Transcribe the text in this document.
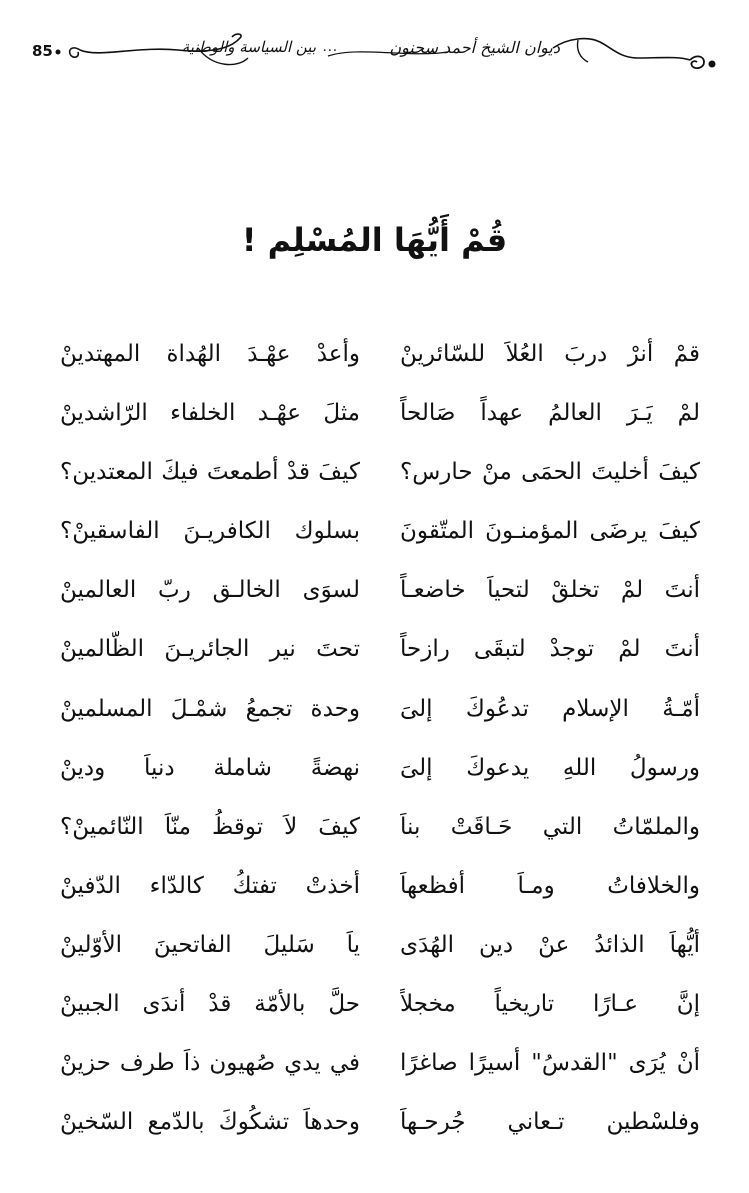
85	ديوان الشيخ أحمد سحنون
...
بين السياسة والوطنية
قُمْ أَيُّهَا المُسْلِم !
قمْ أنرْ دربَ العُلاَ للسّائرينْ
وأعدْ عهْـدَ الهُداة المهتدينْ
لمْ يَـرَ العالمُ عهداً صَالحاً
مثلَ عهْـد الخلفاء الرّاشدينْ
كيفَ أخليتَ الحمَى منْ حارس؟
كيفَ قدْ أطمعتَ فيكَ المعتدين؟
كيفَ يرضَى المؤمنـونَ المتّقونَ
بسلوك الكافريـنَ الفاسقينْ؟
أنتَ لمْ تخلقْ لتحياَ خاضعـاً
لسوَى الخالـق ربّ العالمينْ
أنتَ لمْ توجدْ لتبقَى رازحاً
تحتَ نير الجائريـنَ الظّالمينْ
أمّـةُ الإسلام تدعُوكَ إلىَ
وحدة تجمعُ شمْـلَ المسلمينْ
ورسولُ اللهِ يدعوكَ إلىَ
نهضةً شاملة دنياَ ودينْ
والملمّاتُ التي حَـاقَتْ بناَ
كيفَ لاَ توقظُ منّاَ النّائمينْ؟
والخلافاتُ ومـاَ أفظعهاَ
أخذتْ تفتكُ كالدّاء الدّفينْ
أيُّهاَ الذائدُ عنْ دين الهُدَى
ياَ سَليلَ الفاتحينَ الأوّلينْ
إنَّ عـارًا تاريخياً مخجلاً
حلَّ بالأمّة قدْ أندَى الجبينْ
أنْ يُرَى "القدسُ" أسيرًا صاغرًا
في يدي صُهيون ذاَ طرف حزينْ
وفلسْطين تـعاني جُرحـهاَ
وحدهاَ تشكُوكَ بالدّمع السّخينْ
